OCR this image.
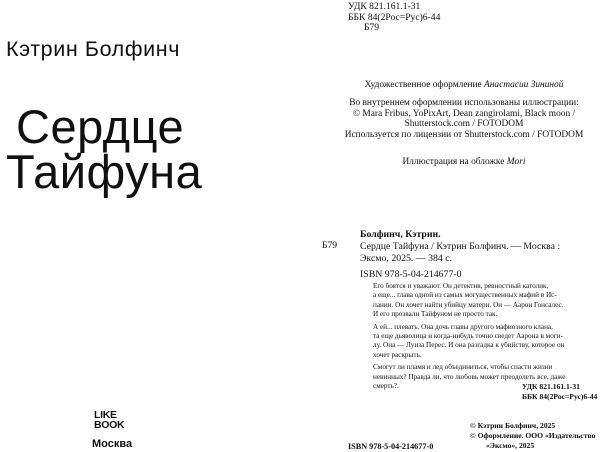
Кэтрин Болфинч
Сердце
Тайфуна
LIKE
BOOK
Москва
УДК 821.161.1-31
ББК 84(2Рос=Рус)6-44
Б79
Художественное оформление Анастасии Зининой
Во внутреннем оформлении использованы иллюстрации:
© Mara Fribus, YoPixArt, Dean zangirolami, Black moon /
Shutterstock.com / FOTODOM
Используется по лицензии от Shutterstock.com / FOTODOM
Иллюстрация на обложке Mori
Б79
Болфинч, Кэтрин.
Сердце Тайфуна / Кэтрин Болфинч. — Москва :
Эксмо, 2025. — 384 с.
ISBN 978-5-04-214677-0

Его боятся и уважают. Он детектив, ревностный католик,

а еще... глава одной из самых могущественных мафий в Ис-

пании. Он хочет найти убийцу матери. Он — Аарон Гонсалес.

И его прозвали Тайфуном не просто так.

А ей... плевать. Она дочь главы другого мафиозного клана,

та еще дьяволица и когда-нибудь точно сведет Аарона в моги-

лу. Она — Луиза Перес. И она разгадка к убийству, которое он

хочет раскрыть.

Смогут ли пламя и лед объединиться, чтобы спасти жизни

невинных? Правда ли, что любовь может преодолеть все, даже

смерть?.	УДК 821.161.1-31
ББК 84(2Рос=Рус)6-44
© Кэтрин Болфинч, 2025
© Оформление. ООО «Издательство
«Эксмо», 2025
ISBN 978-5-04-214677-0
